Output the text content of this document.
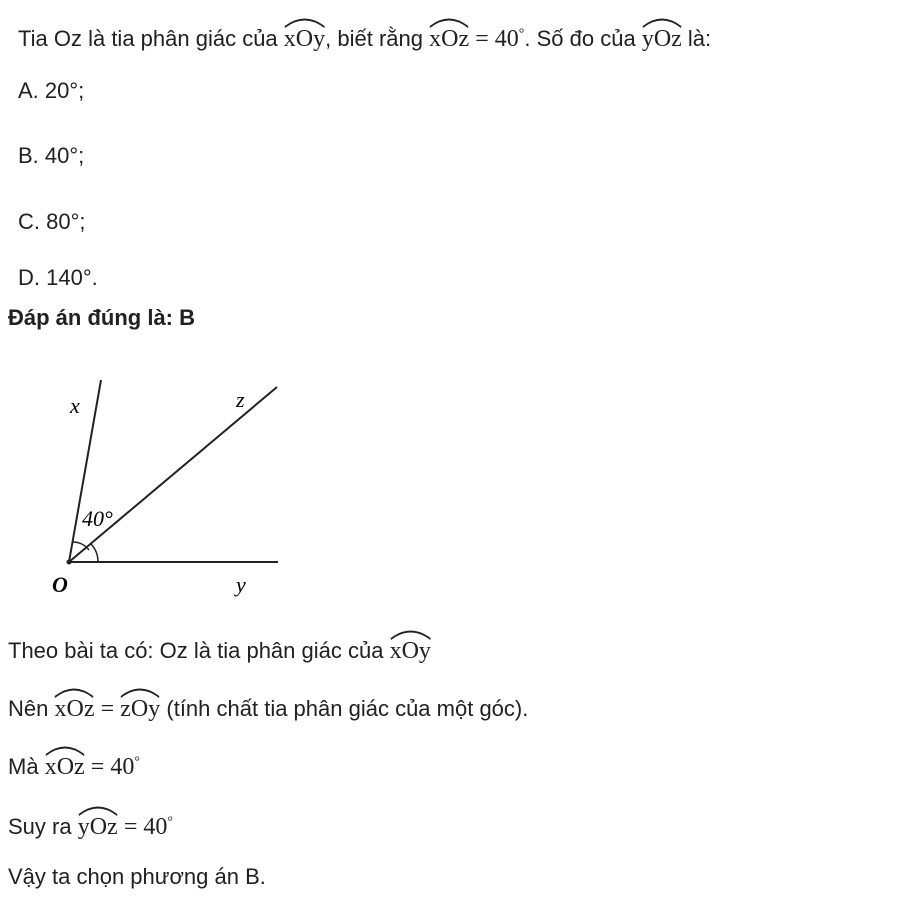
Tia Oz là tia phân giác của xOy, biết rằng xOz = 40°. Số đo của yOz là:
A. 20°;
B. 40°;
C. 80°;
D. 140°.
Đáp án đúng là: B
x	z
40°
O	y
Theo bài ta có: Oz là tia phân giác của xOy
Nên xOz = zOy (tính chất tia phân giác của một góc).
Mà xOz = 40°
Suy ra yOz = 40°
Vậy ta chọn phương án B.
